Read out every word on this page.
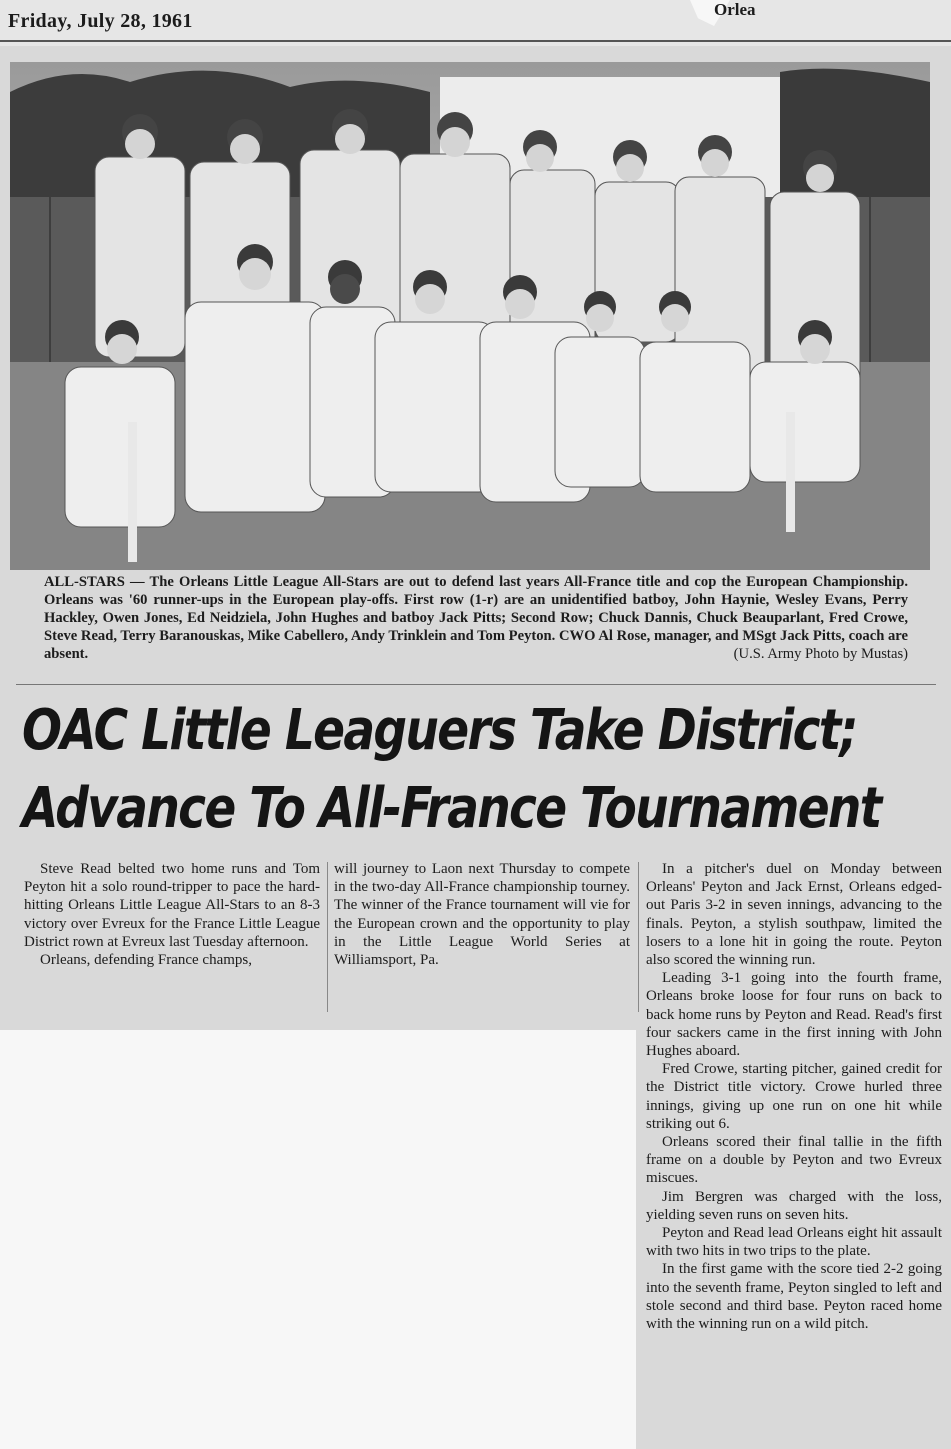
Friday, July 28, 1961
Orlea
ALL-STARS — The Orleans Little League All-Stars are out to defend last years All-France title and cop the European Championship. Orleans was '60 runner-ups in the European play-offs. First row (1-r) are an unidentified batboy, John Haynie, Wesley Evans, Perry Hackley, Owen Jones, Ed Neidziela, John Hughes and batboy Jack Pitts; Second Row; Chuck Dannis, Chuck Beauparlant, Fred Crowe, Steve Read, Terry Baranouskas, Mike Cabellero, Andy Trinklein and Tom Peyton. CWO Al Rose, manager, and MSgt Jack Pitts, coach are absent.	(U.S. Army Photo by Mustas)
OAC Little Leaguers Take District;
Advance To All-France Tournament

Steve Read belted two home runs and Tom Peyton hit a solo round-tripper to pace the hard-hitting Orleans Little League All-Stars to an 8-3 victory over Evreux for the France Little League District rown at Evreux last Tuesday afternoon.

Orleans, defending France champs,

will journey to Laon next Thursday to compete in the two-day All-France championship tourney. The winner of the France tournament will vie for the European crown and the opportunity to play in the Little League World Series at Williamsport, Pa.

In a pitcher's duel on Monday between Orleans' Peyton and Jack Ernst, Orleans edged-out Paris 3-2 in seven innings, advancing to the finals. Peyton, a stylish southpaw, limited the losers to a lone hit in going the route. Peyton also scored the winning run.

Leading 3-1 going into the fourth frame, Orleans broke loose for four runs on back to back home runs by Peyton and Read. Read's first four sackers came in the first inning with John Hughes aboard.

Fred Crowe, starting pitcher, gained credit for the District title victory. Crowe hurled three innings, giving up one run on one hit while striking out 6.

Orleans scored their final tallie in the fifth frame on a double by Peyton and two Evreux miscues.

Jim Bergren was charged with the loss, yielding seven runs on seven hits.

Peyton and Read lead Orleans eight hit assault with two hits in two trips to the plate.

In the first game with the score tied 2-2 going into the seventh frame, Peyton singled to left and stole second and third base. Peyton raced home with the winning run on a wild pitch.
